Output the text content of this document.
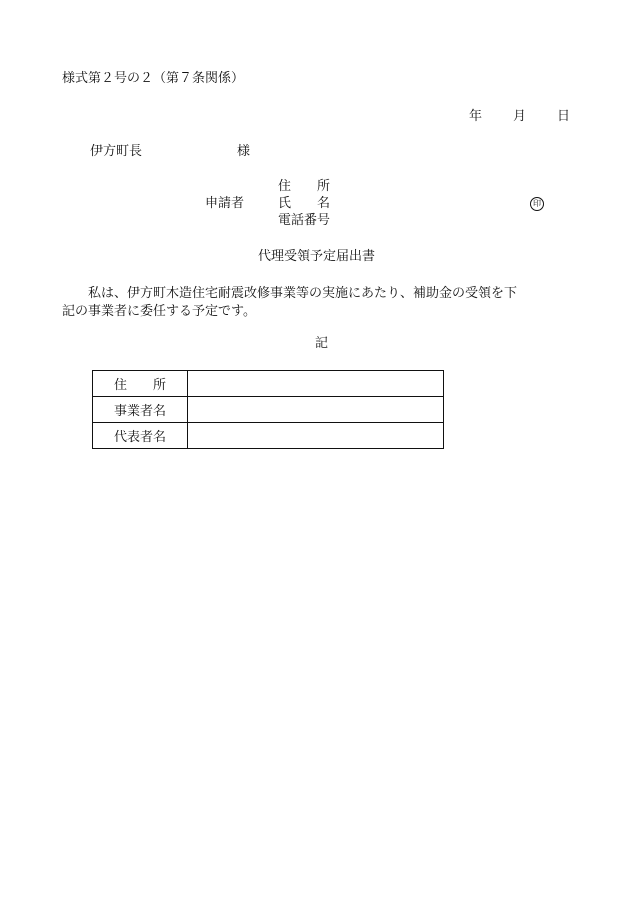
様式第２号の２（第７条関係）
年 月 日
伊方町長	様
申請者
住　　所
氏　　名
電話番号
印
代理受領予定届出書
私は、伊方町木造住宅耐震改修事業等の実施にあたり、補助金の受領を下
記の事業者に委任する予定です。
記
住　　所	
事業者名	
代表者名	
